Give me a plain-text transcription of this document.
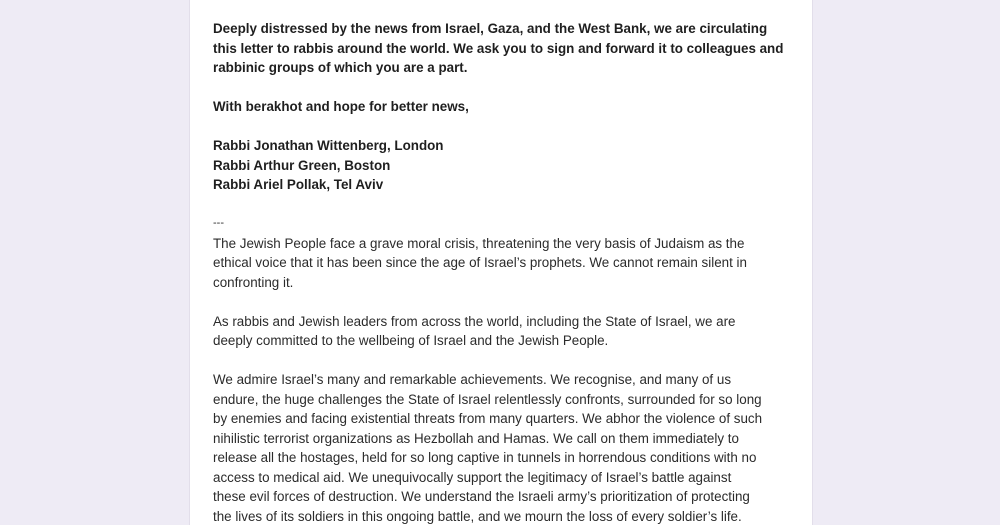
Deeply distressed by the news from Israel, Gaza, and the West Bank, we are circulating
this letter to rabbis around the world. We ask you to sign and forward it to colleagues and
rabbinic groups of which you are a part.

With berakhot and hope for better news,

Rabbi Jonathan Wittenberg, London

Rabbi Arthur Green, Boston

Rabbi Ariel Pollak, Tel Aviv

---

The Jewish People face a grave moral crisis, threatening the very basis of Judaism as the
ethical voice that it has been since the age of Israel’s prophets. We cannot remain silent in
confronting it.

As rabbis and Jewish leaders from across the world, including the State of Israel, we are
deeply committed to the wellbeing of Israel and the Jewish People.

We admire Israel’s many and remarkable achievements. We recognise, and many of us
endure, the huge challenges the State of Israel relentlessly confronts, surrounded for so long
by enemies and facing existential threats from many quarters. We abhor the violence of such
nihilistic terrorist organizations as Hezbollah and Hamas. We call on them immediately to
release all the hostages, held for so long captive in tunnels in horrendous conditions with no
access to medical aid. We unequivocally support the legitimacy of Israel’s battle against
these evil forces of destruction. We understand the Israeli army’s prioritization of protecting
the lives of its soldiers in this ongoing battle, and we mourn the loss of every soldier’s life.
